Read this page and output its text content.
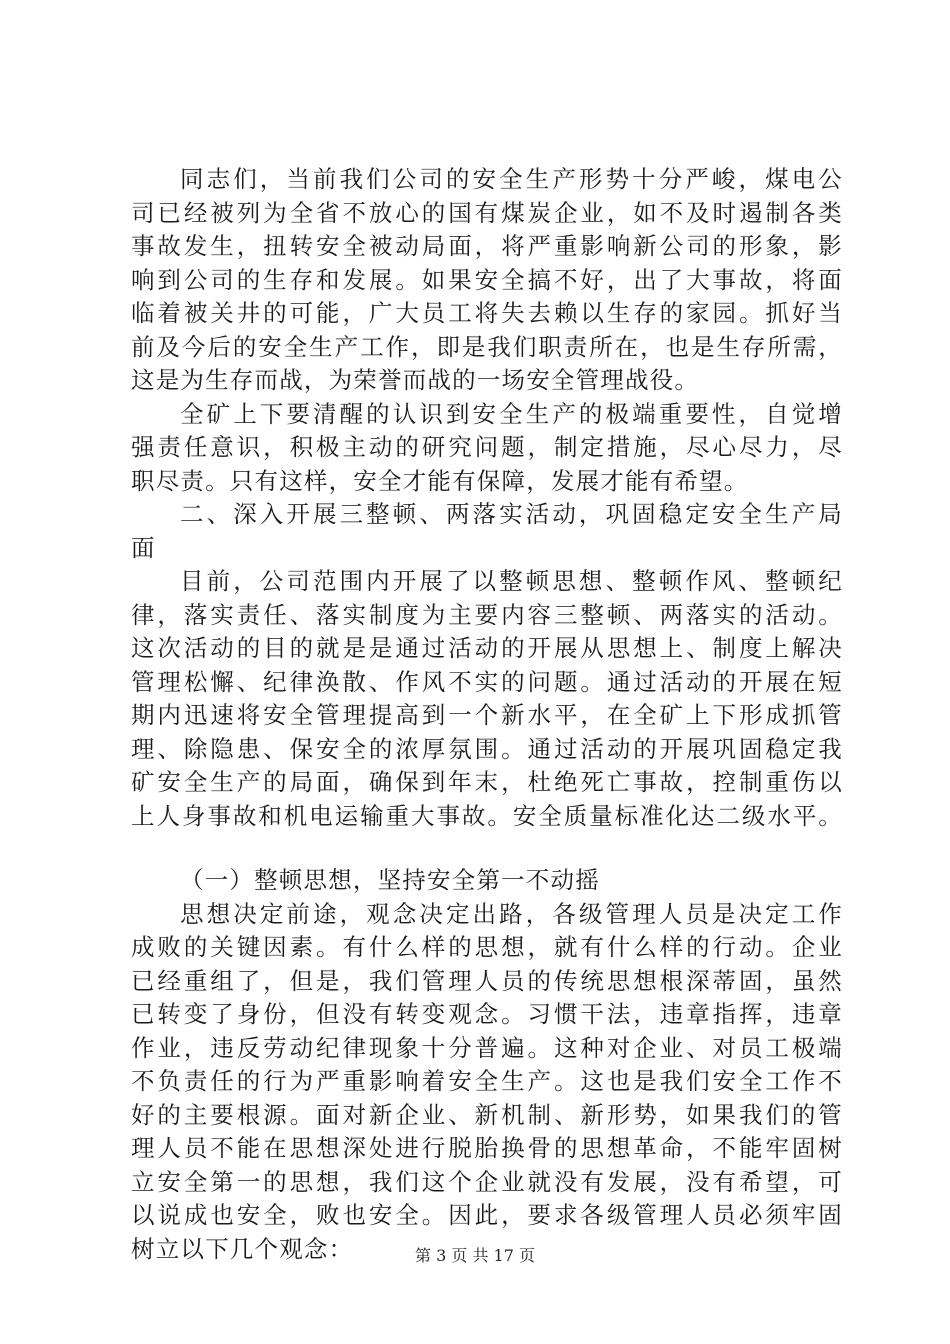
同志们，当前我们公司的安全生产形势十分严峻，煤电公
司已经被列为全省不放心的国有煤炭企业，如不及时遏制各类
事故发生，扭转安全被动局面，将严重影响新公司的形象，影
响到公司的生存和发展。如果安全搞不好，出了大事故，将面
临着被关井的可能，广大员工将失去赖以生存的家园。抓好当
前及今后的安全生产工作，即是我们职责所在，也是生存所需，
这是为生存而战，为荣誉而战的一场安全管理战役。
全矿上下要清醒的认识到安全生产的极端重要性，自觉增
强责任意识，积极主动的研究问题，制定措施，尽心尽力，尽
职尽责。只有这样，安全才能有保障，发展才能有希望。
二、深入开展三整顿、两落实活动，巩固稳定安全生产局
面
目前，公司范围内开展了以整顿思想、整顿作风、整顿纪
律，落实责任、落实制度为主要内容三整顿、两落实的活动。
这次活动的目的就是是通过活动的开展从思想上、制度上解决
管理松懈、纪律涣散、作风不实的问题。通过活动的开展在短
期内迅速将安全管理提高到一个新水平，在全矿上下形成抓管
理、除隐患、保安全的浓厚氛围。通过活动的开展巩固稳定我
矿安全生产的局面，确保到年末，杜绝死亡事故，控制重伤以
上人身事故和机电运输重大事故。安全质量标准化达二级水平。
（一）整顿思想，坚持安全第一不动摇
思想决定前途，观念决定出路，各级管理人员是决定工作
成败的关键因素。有什么样的思想，就有什么样的行动。企业
已经重组了，但是，我们管理人员的传统思想根深蒂固，虽然
已转变了身份，但没有转变观念。习惯干法，违章指挥，违章
作业，违反劳动纪律现象十分普遍。这种对企业、对员工极端
不负责任的行为严重影响着安全生产。这也是我们安全工作不
好的主要根源。面对新企业、新机制、新形势，如果我们的管
理人员不能在思想深处进行脱胎换骨的思想革命，不能牢固树
立安全第一的思想，我们这个企业就没有发展，没有希望，可
以说成也安全，败也安全。因此，要求各级管理人员必须牢固
树立以下几个观念：	第 3 页 共 17 页
